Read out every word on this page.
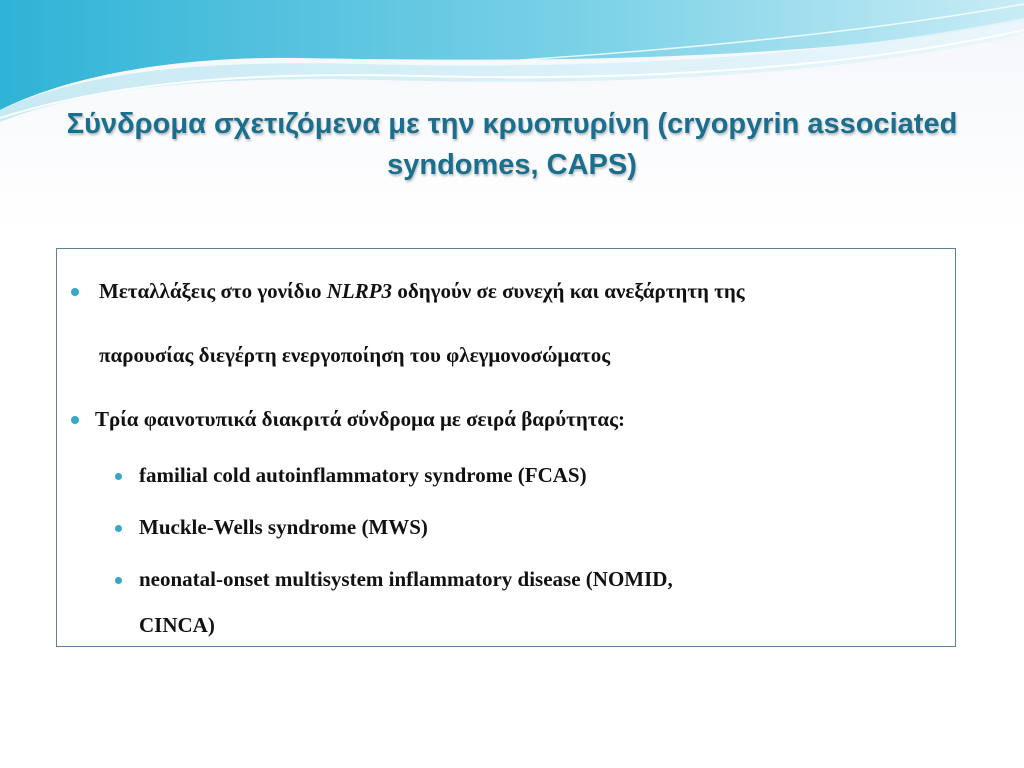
Σύνδρομα σχετιζόμενα με την κρυοπυρίνη (cryopyrin associated
syndomes, CAPS)
Μεταλλάξεις στο γονίδιο NLRP3 οδηγούν σε συνεχή και ανεξάρτητη της
παρουσίας διεγέρτη ενεργοποίηση του φλεγμονοσώματος
Τρία φαινοτυπικά διακριτά σύνδρομα με σειρά βαρύτητας:
familial cold autoinflammatory syndrome (FCAS)
Muckle-Wells syndrome (MWS)
neonatal-onset multisystem inflammatory disease (NOMID,
CINCA)
